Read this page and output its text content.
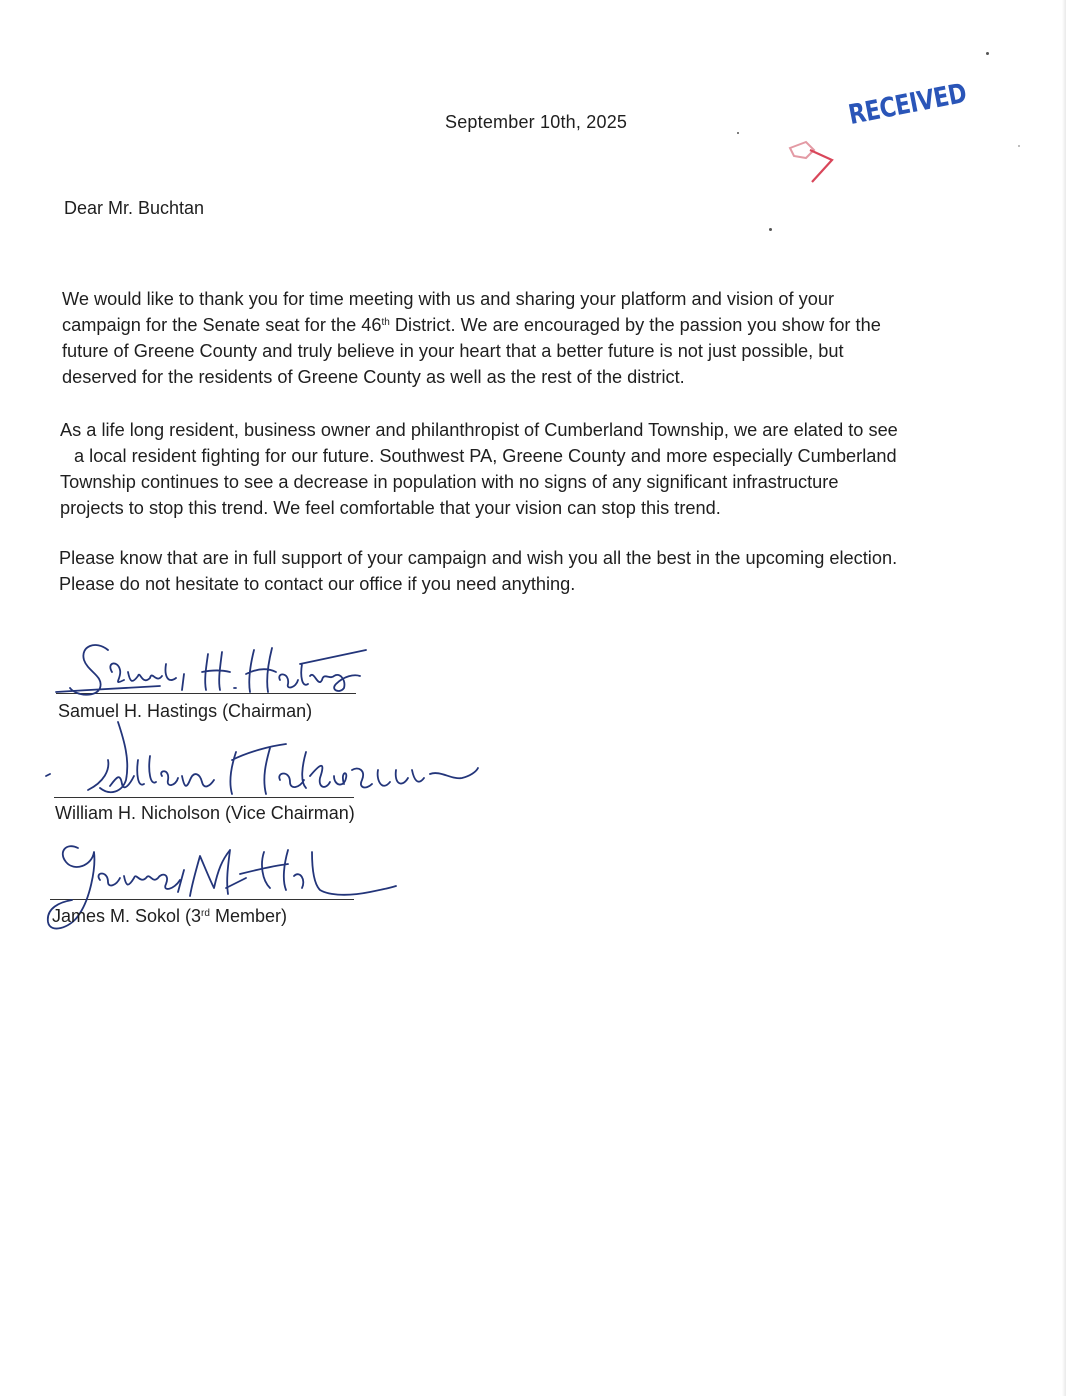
September 10th, 2025	RECEIVED
Dear Mr. Buchtan
We would like to thank you for time meeting with us and sharing your platform and vision of your
campaign for the Senate seat for the 46th District. We are encouraged by the passion you show for the
future of Greene County and truly believe in your heart that a better future is not just possible, but
deserved for the residents of Greene County as well as the rest of the district.
As a life long resident, business owner and philanthropist of Cumberland Township, we are elated to see
a local resident fighting for our future. Southwest PA, Greene County and more especially Cumberland
Township continues to see a decrease in population with no signs of any significant infrastructure
projects to stop this trend. We feel comfortable that your vision can stop this trend.
Please know that are in full support of your campaign and wish you all the best in the upcoming election.
Please do not hesitate to contact our office if you need anything.
Samuel H. Hastings (Chairman)
William H. Nicholson (Vice Chairman)
James M. Sokol (3rd Member)
